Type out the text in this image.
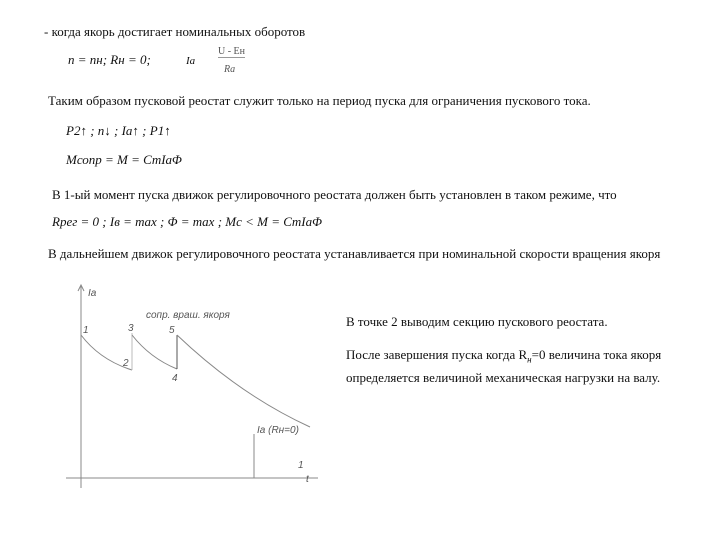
- когда якорь достигает номинальных оборотов
n = nн; Rн = 0;	Iа
U - Eн
Rа
Таким образом пусковой реостат служит только на период пуска для ограничения пускового тока.
P2↑ ; n↓ ; Iа↑ ; P1↑
Mсопр = M = CmIаΦ
В 1-ый момент пуска движок регулировочного реостата должен быть установлен в таком режиме, что
Rрег = 0 ; Iв = max ; Φ = max ; Mc < M = CmIаΦ
В дальнейшем движок регулировочного реостата устанавливается при номинальной скорости вращения якоря
В точке 2 выводим секцию пускового реостата.
После завершения пуска когда $R_н=0$ величина тока якоря определяется величиной механическая нагрузки на валу.
Iа
t
сопр. враш. якоря
Iа (Rн=0)
1
2
3
4
5
1
